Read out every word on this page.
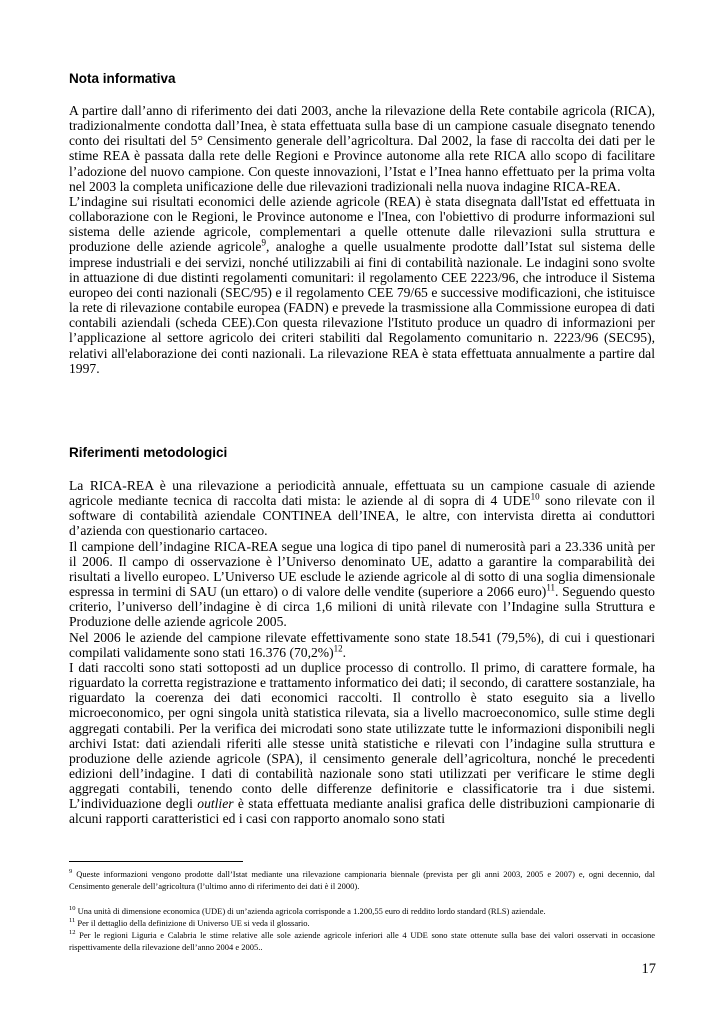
Nota informativa
A partire dall’anno di riferimento dei dati 2003, anche la rilevazione della Rete contabile agricola (RICA), tradizionalmente condotta dall’Inea, è stata effettuata sulla base di un campione casuale disegnato tenendo conto dei risultati del 5° Censimento generale dell’agricoltura. Dal 2002, la fase di raccolta dei dati per le stime REA è passata dalla rete delle Regioni e Province autonome alla rete RICA allo scopo di facilitare l’adozione del nuovo campione. Con queste innovazioni, l’Istat e l’Inea hanno effettuato per la prima volta nel 2003 la completa unificazione delle due rilevazioni tradizionali nella nuova indagine RICA-REA.
L’indagine sui risultati economici delle aziende agricole (REA) è stata disegnata dall'Istat ed effettuata in collaborazione con le Regioni, le Province autonome e l'Inea, con l'obiettivo di produrre informazioni sul sistema delle aziende agricole, complementari a quelle ottenute dalle rilevazioni sulla struttura e produzione delle aziende agricole$^9$, analoghe a quelle usualmente prodotte dall’Istat sul sistema delle imprese industriali e dei servizi, nonché utilizzabili ai fini di contabilità nazionale. Le indagini sono svolte in attuazione di due distinti regolamenti comunitari: il regolamento CEE 2223/96, che introduce il Sistema europeo dei conti nazionali (SEC/95) e il regolamento CEE 79/65 e successive modificazioni, che istituisce la rete di rilevazione contabile europea (FADN) e prevede la trasmissione alla Commissione europea di dati contabili aziendali (scheda CEE).Con questa rilevazione l'Istituto produce un quadro di informazioni per l’applicazione al settore agricolo dei criteri stabiliti dal Regolamento comunitario n. 2223/96 (SEC95), relativi all'elaborazione dei conti nazionali. La rilevazione REA è stata effettuata annualmente a partire dal 1997.
Riferimenti metodologici
La RICA-REA è una rilevazione a periodicità annuale, effettuata su un campione casuale di aziende agricole mediante tecnica di raccolta dati mista: le aziende al di sopra di 4 UDE$^{10}$ sono rilevate con il software di contabilità aziendale CONTINEA dell’INEA, le altre, con intervista diretta ai conduttori d’azienda con questionario cartaceo.
Il campione dell’indagine RICA-REA segue una logica di tipo panel di numerosità pari a 23.336 unità per il 2006. Il campo di osservazione è l’Universo denominato UE, adatto a garantire la comparabilità dei risultati a livello europeo. L’Universo UE esclude le aziende agricole al di sotto di una soglia dimensionale espressa in termini di SAU (un ettaro) o di valore delle vendite (superiore a 2066 euro)$^{11}$. Seguendo questo criterio, l’universo dell’indagine è di circa 1,6 milioni di unità rilevate con l’Indagine sulla Struttura e Produzione delle aziende agricole 2005.
Nel 2006 le aziende del campione rilevate effettivamente sono state 18.541 (79,5%), di cui i questionari compilati validamente sono stati 16.376 $(70,2\%)^{12}$.
I dati raccolti sono stati sottoposti ad un duplice processo di controllo. Il primo, di carattere formale, ha riguardato la corretta registrazione e trattamento informatico dei dati; il secondo, di carattere sostanziale, ha riguardato la coerenza dei dati economici raccolti. Il controllo è stato eseguito sia a livello microeconomico, per ogni singola unità statistica rilevata, sia a livello macroeconomico, sulle stime degli aggregati contabili. Per la verifica dei microdati sono state utilizzate tutte le informazioni disponibili negli archivi Istat: dati aziendali riferiti alle stesse unità statistiche e rilevati con l’indagine sulla struttura e produzione delle aziende agricole (SPA), il censimento generale dell’agricoltura, nonché le precedenti edizioni dell’indagine. I dati di contabilità nazionale sono stati utilizzati per verificare le stime degli aggregati contabili, tenendo conto delle differenze definitorie e classificatorie tra i due sistemi. L’individuazione degli outlier è stata effettuata mediante analisi grafica delle distribuzioni campionarie di alcuni rapporti caratteristici ed i casi con rapporto anomalo sono stati

$^9$ Queste informazioni vengono prodotte dall’Istat mediante una rilevazione campionaria biennale (prevista per gli anni 2003, 2005 e 2007) e, ogni decennio, dal Censimento generale dell’agricoltura (l’ultimo anno di riferimento dei dati è il 2000).

$^{10}$ Una unità di dimensione economica (UDE) di un’azienda agricola corrisponde a 1.200,55 euro di reddito lordo standard (RLS) aziendale.

$^{11}$ Per il dettaglio della definizione di Universo UE si veda il glossario.

$^{12}$ Per le regioni Liguria e Calabria le stime relative alle sole aziende agricole inferiori alle 4 UDE sono state ottenute sulla base dei valori osservati in occasione rispettivamente della rilevazione dell’anno 2004 e 2005..

17
